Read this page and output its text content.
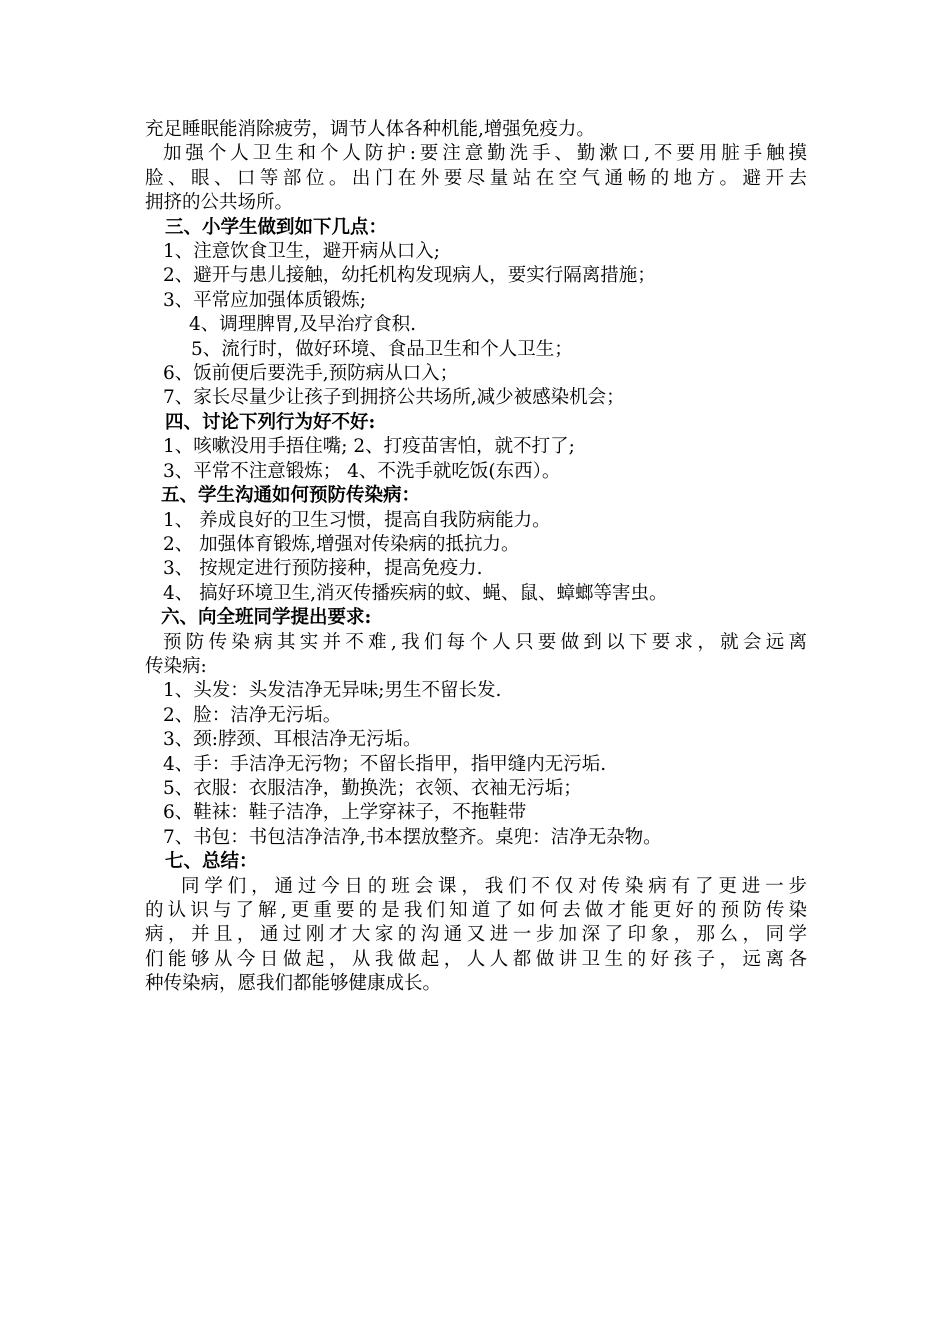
充足睡眠能消除疲劳，调节人体各种机能,增强免疫力。
加强个人卫生和个人防护:要注意勤洗手、勤漱口,不要用脏手触摸
脸、眼、口等部位。出门在外要尽量站在空气通畅的地方。避开去
拥挤的公共场所。
三、小学生做到如下几点：
1、注意饮食卫生，避开病从口入;
2、避开与患儿接触，幼托机构发现病人，要实行隔离措施；
3、平常应加强体质锻炼;
4、调理脾胃,及早治疗食积.
5、流行时，做好环境、食品卫生和个人卫生；
6、饭前便后要洗手,预防病从口入；
7、家长尽量少让孩子到拥挤公共场所,减少被感染机会；
四、讨论下列行为好不好:
1、咳嗽没用手捂住嘴; 2、打疫苗害怕，就不打了;
3、平常不注意锻炼； 4、不洗手就吃饭(东西）。
五、学生沟通如何预防传染病：
1、 养成良好的卫生习惯，提高自我防病能力。
2、 加强体育锻炼,增强对传染病的抵抗力。
3、 按规定进行预防接种，提高免疫力.
4、 搞好环境卫生,消灭传播疾病的蚊、蝇、鼠、蟑螂等害虫。
六、向全班同学提出要求:
预防传染病其实并不难,我们每个人只要做到以下要求，就会远离
传染病:
1、头发：头发洁净无异味;男生不留长发.
2、脸：洁净无污垢。
3、颈:脖颈、耳根洁净无污垢。
4、手：手洁净无污物；不留长指甲，指甲缝内无污垢.
5、衣服：衣服洁净，勤换洗；衣领、衣袖无污垢；
6、鞋袜：鞋子洁净，上学穿袜子，不拖鞋带
7、书包：书包洁净洁净,书本摆放整齐。桌兜：洁净无杂物。
七、总结：
同学们，通过今日的班会课，我们不仅对传染病有了更进一步
的认识与了解,更重要的是我们知道了如何去做才能更好的预防传染
病，并且，通过刚才大家的沟通又进一步加深了印象，那么，同学
们能够从今日做起，从我做起，人人都做讲卫生的好孩子，远离各
种传染病，愿我们都能够健康成长。
